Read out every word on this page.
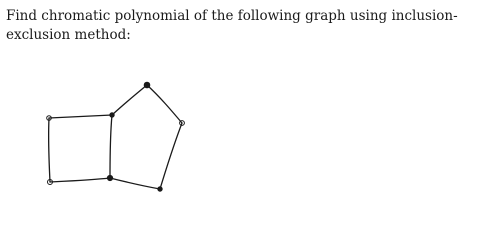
Find chromatic polynomial of the following graph using inclusion-
exclusion method:
